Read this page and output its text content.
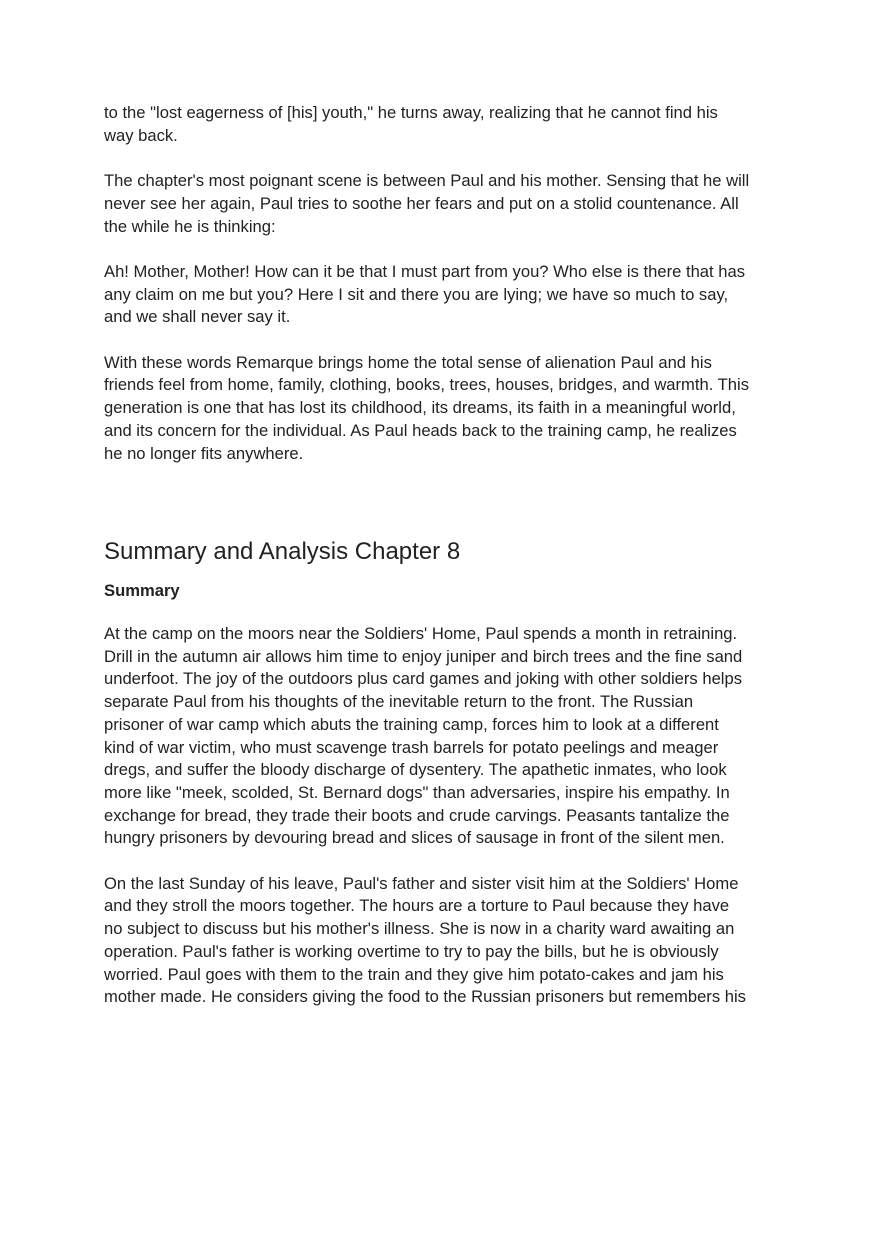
to the "lost eagerness of [his] youth," he turns away, realizing that he cannot find his
way back.

The chapter's most poignant scene is between Paul and his mother. Sensing that he will
never see her again, Paul tries to soothe her fears and put on a stolid countenance. All
the while he is thinking:

Ah! Mother, Mother! How can it be that I must part from you? Who else is there that has
any claim on me but you? Here I sit and there you are lying; we have so much to say,
and we shall never say it.

With these words Remarque brings home the total sense of alienation Paul and his
friends feel from home, family, clothing, books, trees, houses, bridges, and warmth. This
generation is one that has lost its childhood, its dreams, its faith in a meaningful world,
and its concern for the individual. As Paul heads back to the training camp, he realizes
he no longer fits anywhere.

Summary and Analysis Chapter 8
Summary

At the camp on the moors near the Soldiers' Home, Paul spends a month in retraining.
Drill in the autumn air allows him time to enjoy juniper and birch trees and the fine sand
underfoot. The joy of the outdoors plus card games and joking with other soldiers helps
separate Paul from his thoughts of the inevitable return to the front. The Russian
prisoner of war camp which abuts the training camp, forces him to look at a different
kind of war victim, who must scavenge trash barrels for potato peelings and meager
dregs, and suffer the bloody discharge of dysentery. The apathetic inmates, who look
more like "meek, scolded, St. Bernard dogs" than adversaries, inspire his empathy. In
exchange for bread, they trade their boots and crude carvings. Peasants tantalize the
hungry prisoners by devouring bread and slices of sausage in front of the silent men.

On the last Sunday of his leave, Paul's father and sister visit him at the Soldiers' Home
and they stroll the moors together. The hours are a torture to Paul because they have
no subject to discuss but his mother's illness. She is now in a charity ward awaiting an
operation. Paul's father is working overtime to try to pay the bills, but he is obviously
worried. Paul goes with them to the train and they give him potato-cakes and jam his
mother made. He considers giving the food to the Russian prisoners but remembers his
